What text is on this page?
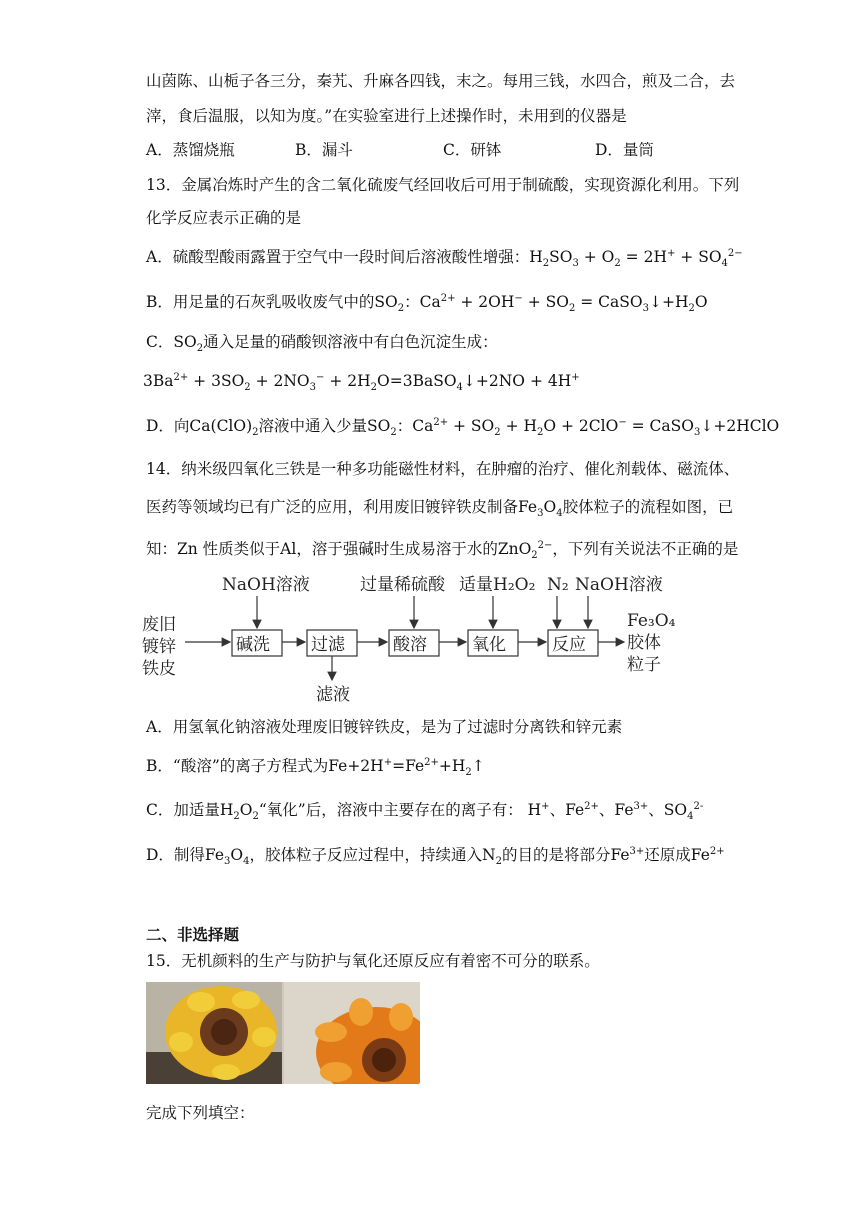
山茵陈、山栀子各三分，秦艽、升麻各四钱，末之。每用三钱，水四合，煎及二合，去
滓，食后温服，以知为度。”在实验室进行上述操作时，未用到的仪器是
A．蒸馏烧瓶	B．漏斗	C．研钵	D．量筒
13．金属冶炼时产生的含二氧化硫废气经回收后可用于制硫酸，实现资源化利用。下列
化学反应表示正确的是
A．硫酸型酸雨露置于空气中一段时间后溶液酸性增强：$H_2SO_3 + O_2 = 2H^+ + SO_4^{2-}$
B．用足量的石灰乳吸收废气中的$SO_2$：$Ca^{2+} + 2OH^- + SO_2$ = $CaSO_3↓+H_2O$
C．$SO_2$通入足量的硝酸钡溶液中有白色沉淀生成：
$3Ba^{2+} + 3SO_2 + 2NO_3^-$ + $2H_2O=3BaSO_4↓+2NO + 4H^+$
D．向$Ca(ClO)_2$溶液中通入少量$SO_2$：$Ca^{2+} + SO_2 + H_2O + 2ClO^-$ = CaSO$_3$↓+2HClO
14．纳米级四氧化三铁是一种多功能磁性材料，在肿瘤的治疗、催化剂载体、磁流体、
医药等领域均已有广泛的应用，利用废旧镀锌铁皮制备$Fe_3O_4$胶体粒子的流程如图，已
知：Zn 性质类似于Al，溶于强碱时生成易溶于水的ZnO$_2^{2-}$，下列有关说法不正确的是
废旧
镀锌
铁皮
碱洗 过滤	酸溶	氧化	反应
NaOH溶液	过量稀硫酸 适量H₂O₂ N₂ NaOH溶液
滤液
Fe₃O₄
胶体
粒子
A．用氢氧化钠溶液处理废旧镀锌铁皮，是为了过滤时分离铁和锌元素
B．“酸溶”的离子方程式为$Fe+2H^+=Fe^{2+}+H_2↑$
C．加适量$H_2O_2“$氧化”后，溶液中主要存在的离子有： H+、$Fe^{2+}$、$Fe^{3+}$、$SO_4^{2-}$
D．制得$Fe_3O_4$，胶体粒子反应过程中，持续通入$N_2$的目的是将部分$Fe^{3+}$还原成$Fe^{2+}$
二、非选择题
15．无机颜料的生产与防护与氧化还原反应有着密不可分的联系。
完成下列填空：
